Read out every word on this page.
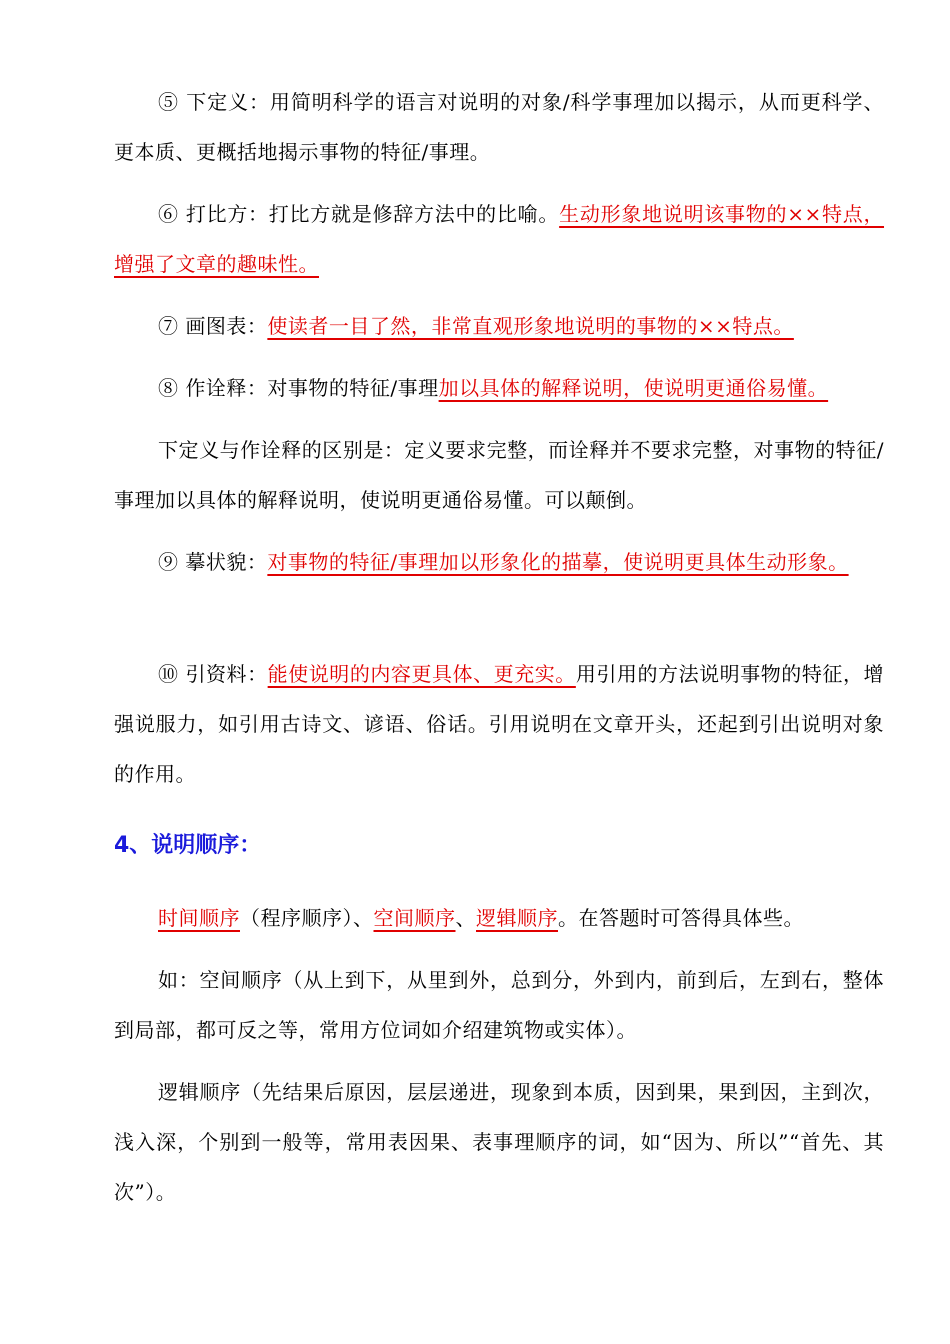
⑤ 下定义：用简明科学的语言对说明的对象/科学事理加以揭示，从而更科学、更本质、更概括地揭示事物的特征/事理。

⑥ 打比方：打比方就是修辞方法中的比喻。生动形象地说明该事物的××特点，增强了文章的趣味性。

⑦ 画图表：使读者一目了然，非常直观形象地说明的事物的××特点。

⑧ 作诠释：对事物的特征/事理加以具体的解释说明，使说明更通俗易懂。

下定义与作诠释的区别是：定义要求完整，而诠释并不要求完整，对事物的特征/事理加以具体的解释说明，使说明更通俗易懂。可以颠倒。

⑨ 摹状貌：对事物的特征/事理加以形象化的描摹，使说明更具体生动形象。

⑩ 引资料：能使说明的内容更具体、更充实。用引用的方法说明事物的特征，增强说服力，如引用古诗文、谚语、俗话。引用说明在文章开头，还起到引出说明对象的作用。

4、说明顺序：

时间顺序（程序顺序）、空间顺序、逻辑顺序。在答题时可答得具体些。

如：空间顺序（从上到下，从里到外，总到分，外到内，前到后，左到右，整体到局部，都可反之等，常用方位词如介绍建筑物或实体）。

逻辑顺序（先结果后原因，层层递进，现象到本质，因到果，果到因，主到次，浅入深，个别到一般等，常用表因果、表事理顺序的词，如“因为、所以”“首先、其次”）。
